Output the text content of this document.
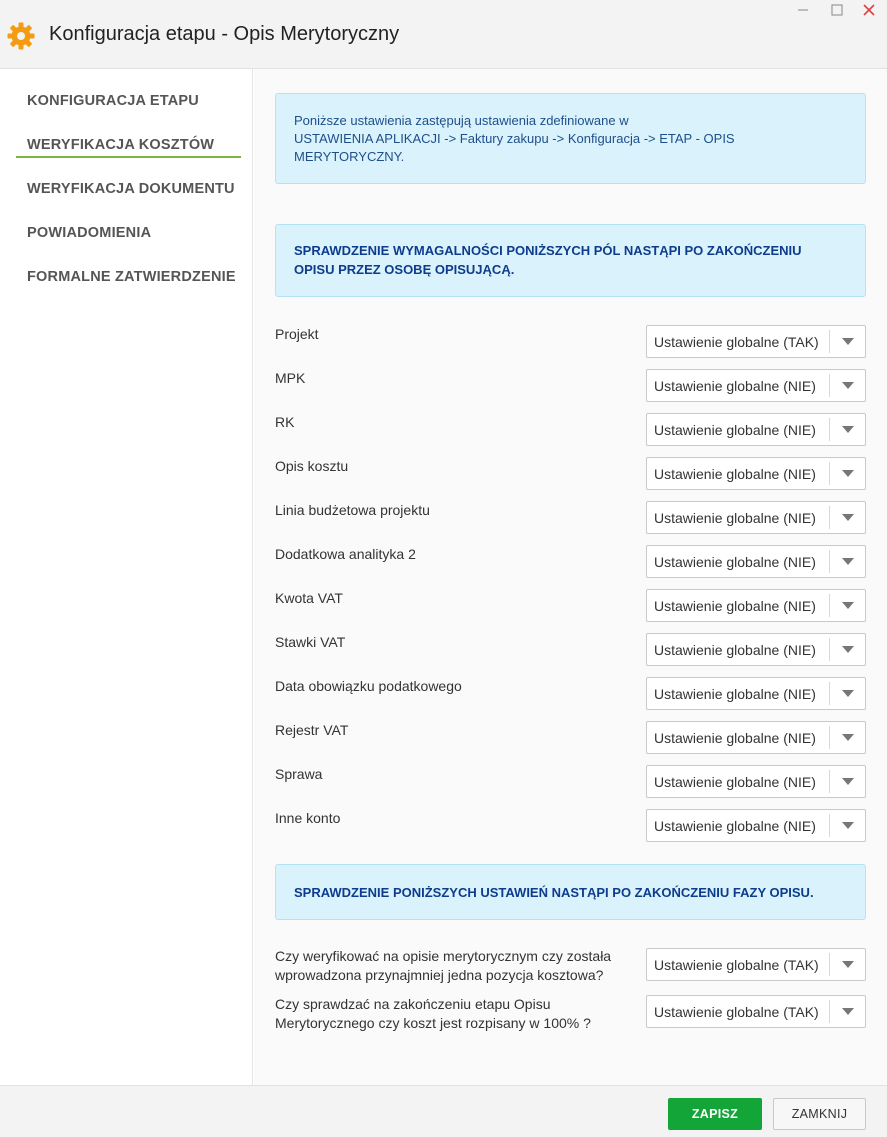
Konfiguracja etapu - Opis Merytoryczny
KONFIGURACJA ETAPU
WERYFIKACJA KOSZTÓW
WERYFIKACJA DOKUMENTU
POWIADOMIENIA
FORMALNE ZATWIERDZENIE
Poniższe ustawienia zastępują ustawienia zdefiniowane w
USTAWIENIA APLIKACJI -> Faktury zakupu -> Konfiguracja -> ETAP - OPIS
MERYTORYCZNY.
SPRAWDZENIE WYMAGALNOŚCI PONIŻSZYCH PÓL NASTĄPI PO ZAKOŃCZENIU
OPISU PRZEZ OSOBĘ OPISUJĄCĄ.
Projekt	Ustawienie globalne (TAK)
MPK	Ustawienie globalne (NIE)
RK	Ustawienie globalne (NIE)
Opis kosztu	Ustawienie globalne (NIE)
Linia budżetowa projektu	Ustawienie globalne (NIE)
Dodatkowa analityka 2	Ustawienie globalne (NIE)
Kwota VAT	Ustawienie globalne (NIE)
Stawki VAT	Ustawienie globalne (NIE)
Data obowiązku podatkowego	Ustawienie globalne (NIE)
Rejestr VAT	Ustawienie globalne (NIE)
Sprawa	Ustawienie globalne (NIE)
Inne konto	Ustawienie globalne (NIE)
SPRAWDZENIE PONIŻSZYCH USTAWIEŃ NASTĄPI PO ZAKOŃCZENIU FAZY OPISU.
Czy weryfikować na opisie merytorycznym czy została
wprowadzona przynajmniej jedna pozycja kosztowa?
Ustawienie globalne (TAK)
Czy sprawdzać na zakończeniu etapu Opisu
Merytorycznego czy koszt jest rozpisany w 100% ?
Ustawienie globalne (TAK)
ZAPISZ	ZAMKNIJ
